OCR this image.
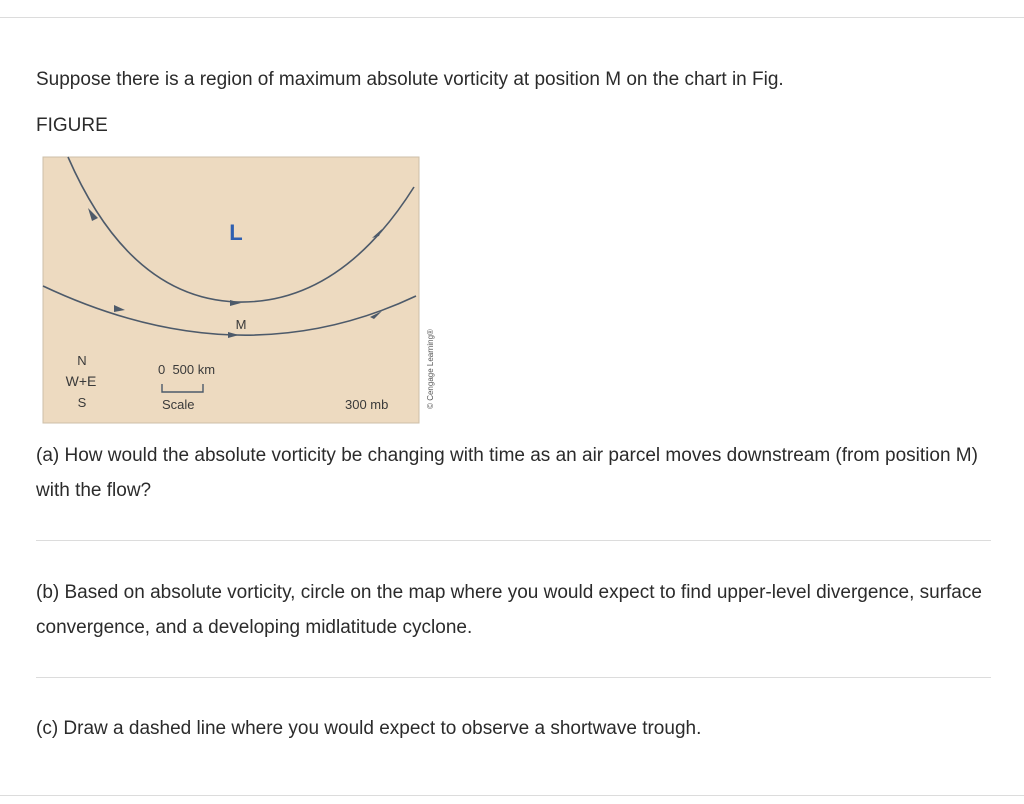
Suppose there is a region of maximum absolute vorticity at position M on the chart in Fig.
FIGURE
L
M
N
W+E
S
0  500 km
Scale	300 mb	© Cengage Learning®
(a) How would the absolute vorticity be changing with time as an air parcel moves downstream (from position M) with the flow?
(b) Based on absolute vorticity, circle on the map where you would expect to find upper-level divergence, surface convergence, and a developing midlatitude cyclone.
(c) Draw a dashed line where you would expect to observe a shortwave trough.
